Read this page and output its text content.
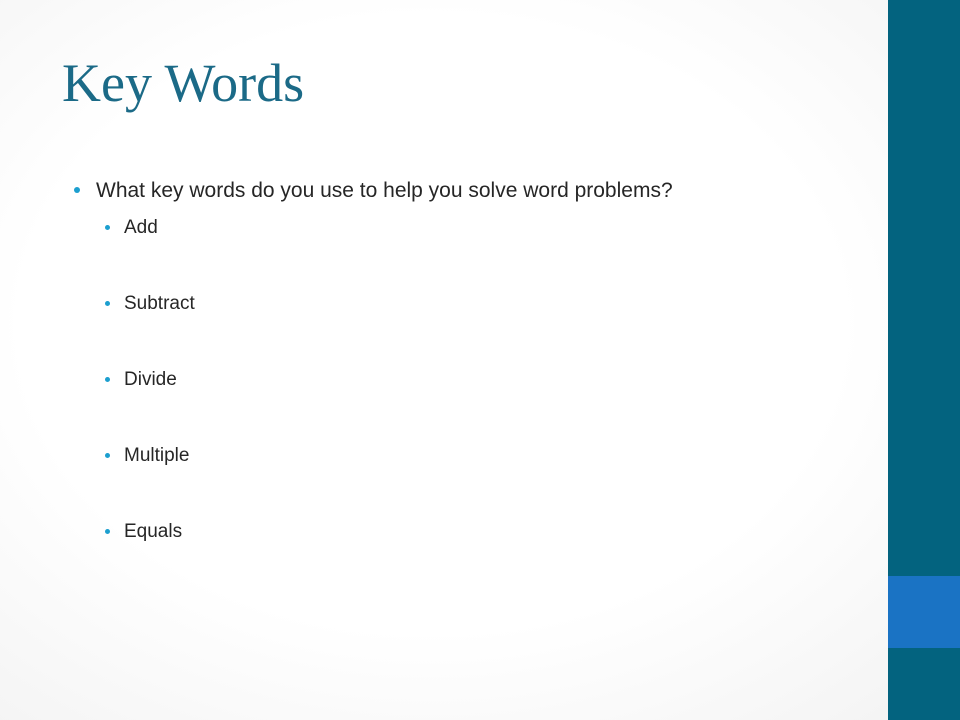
Key Words
What key words do you use to help you solve word problems?
Add
Subtract
Divide
Multiple
Equals
